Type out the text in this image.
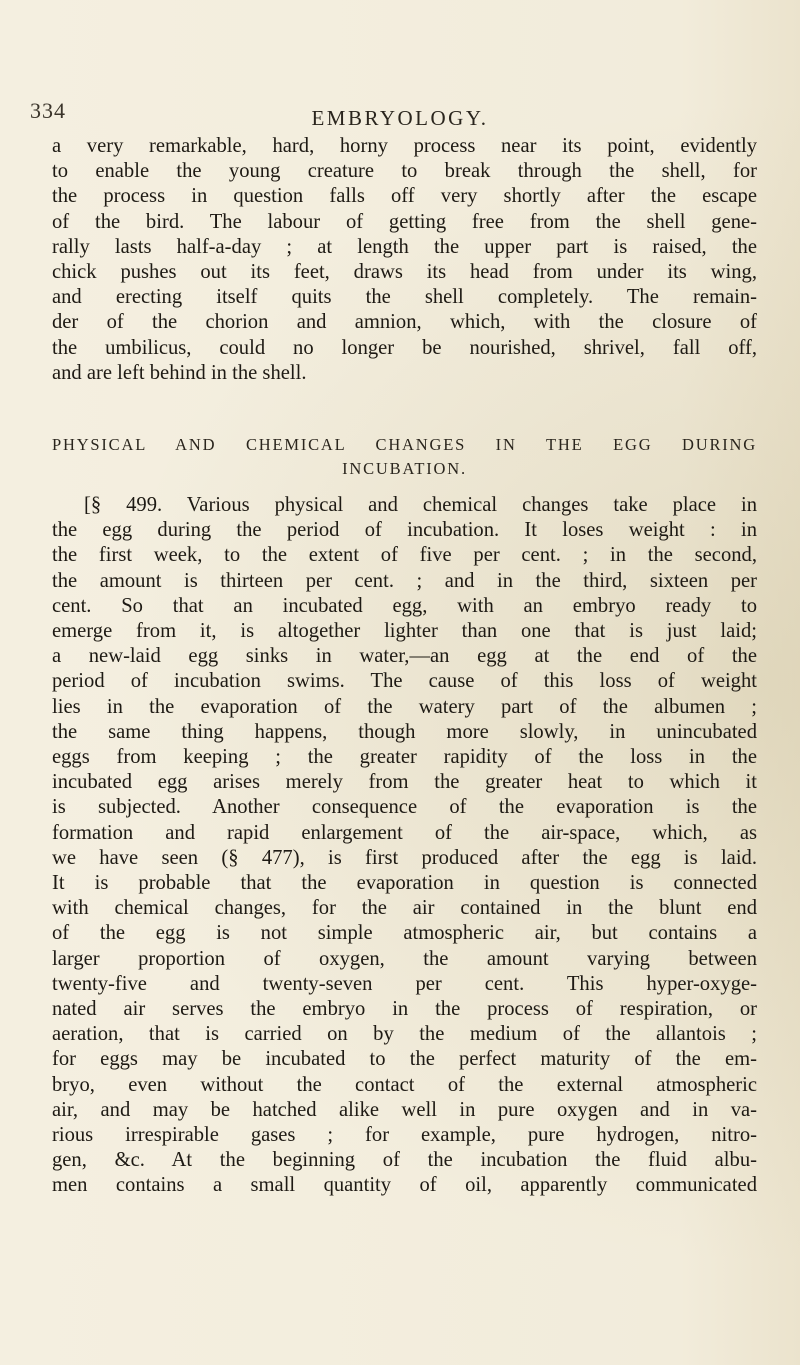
334	EMBRYOLOGY.
a very remarkable, hard, horny process near its point, evidently
to enable the young creature to break through the shell, for
the process in question falls off very shortly after the escape
of the bird. The labour of getting free from the shell gene-
rally lasts half-a-day ; at length the upper part is raised, the
chick pushes out its feet, draws its head from under its wing,
and erecting itself quits the shell completely. The remain-
der of the chorion and amnion, which, with the closure of
the umbilicus, could no longer be nourished, shrivel, fall off,
and are left behind in the shell.
PHYSICAL AND CHEMICAL CHANGES IN THE EGG DURING
INCUBATION.
[§ 499. Various physical and chemical changes take place in
the egg during the period of incubation. It loses weight : in
the first week, to the extent of five per cent. ; in the second,
the amount is thirteen per cent. ; and in the third, sixteen per
cent. So that an incubated egg, with an embryo ready to
emerge from it, is altogether lighter than one that is just laid;
a new-laid egg sinks in water,—an egg at the end of the
period of incubation swims. The cause of this loss of weight
lies in the evaporation of the watery part of the albumen ;
the same thing happens, though more slowly, in unincubated
eggs from keeping ; the greater rapidity of the loss in the
incubated egg arises merely from the greater heat to which it
is subjected. Another consequence of the evaporation is the
formation and rapid enlargement of the air-space, which, as
we have seen (§ 477), is first produced after the egg is laid.
It is probable that the evaporation in question is connected
with chemical changes, for the air contained in the blunt end
of the egg is not simple atmospheric air, but contains a
larger proportion of oxygen, the amount varying between
twenty-five and twenty-seven per cent. This hyper-oxyge-
nated air serves the embryo in the process of respiration, or
aeration, that is carried on by the medium of the allantois ;
for eggs may be incubated to the perfect maturity of the em-
bryo, even without the contact of the external atmospheric
air, and may be hatched alike well in pure oxygen and in va-
rious irrespirable gases ; for example, pure hydrogen, nitro-
gen, &c. At the beginning of the incubation the fluid albu-
men contains a small quantity of oil, apparently communicated
